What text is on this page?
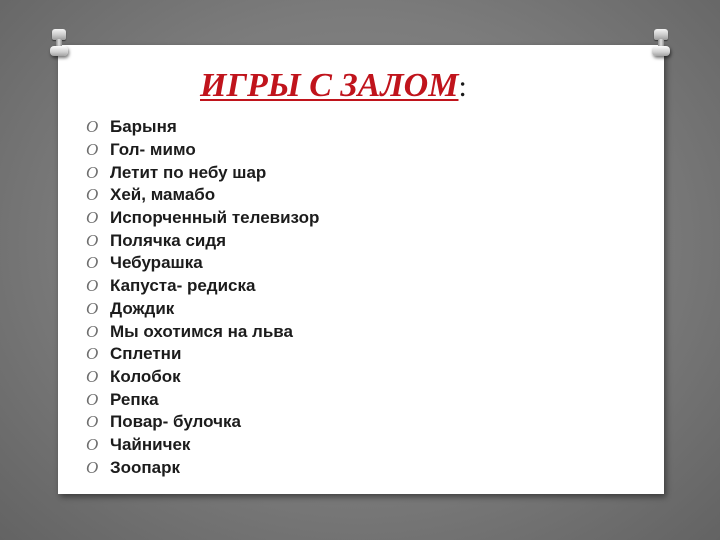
ИГРЫ С ЗАЛОМ:
O Барыня
O Гол- мимо
O Летит по небу шар
O Хей, мамабо
O Испорченный телевизор
O Полячка сидя
O Чебурашка
O Капуста- редиска
O Дождик
O Мы охотимся на льва
O Сплетни
O Колобок
O Репка
O Повар- булочка
O Чайничек
O Зоопарк
